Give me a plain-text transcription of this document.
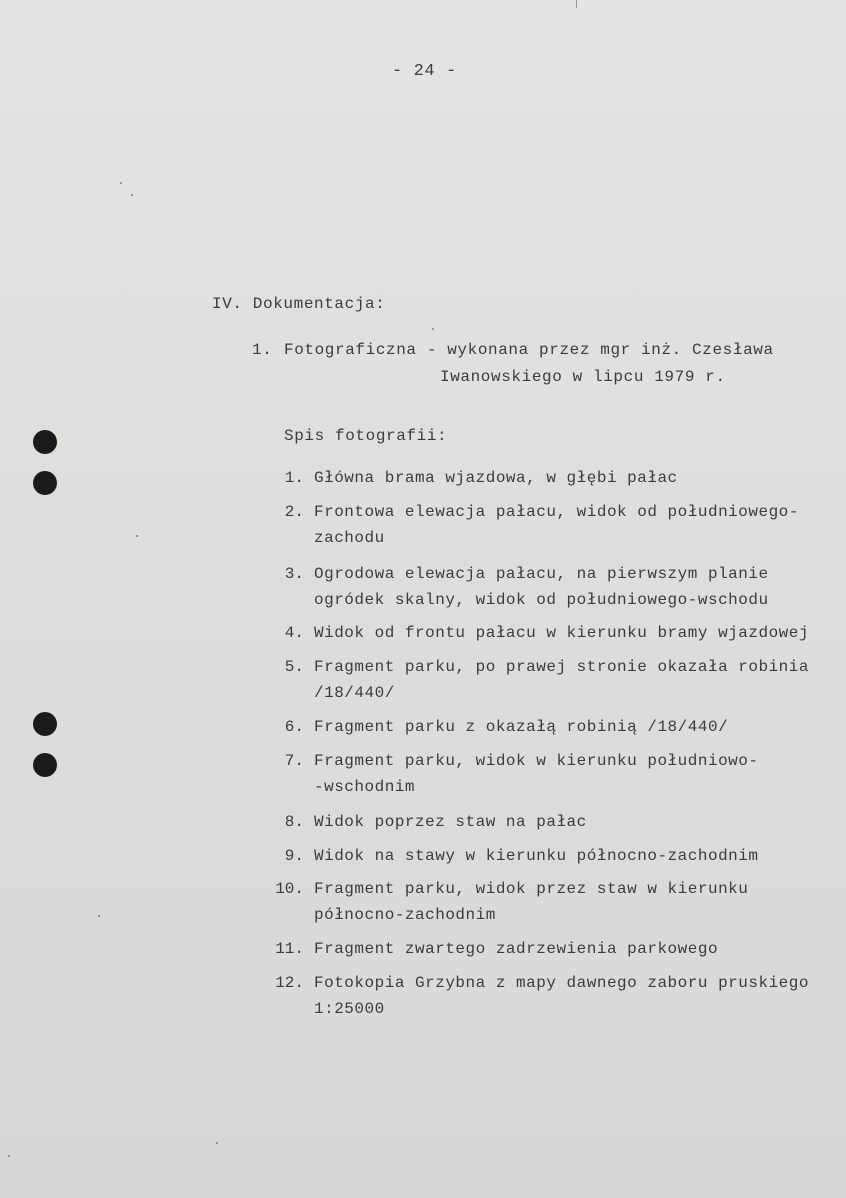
- 24 -
IV. Dokumentacja:
1. Fotograficzna - wykonana przez mgr inż. Czesława
Iwanowskiego w lipcu 1979 r.
Spis fotografii:
1. Główna brama wjazdowa, w głębi pałac
2. Frontowa elewacja pałacu, widok od południowego-
zachodu
3. Ogrodowa elewacja pałacu, na pierwszym planie
ogródek skalny, widok od południowego-wschodu
4. Widok od frontu pałacu w kierunku bramy wjazdowej
5. Fragment parku, po prawej stronie okazała robinia
/18/440/
6. Fragment parku z okazałą robinią /18/440/
7. Fragment parku, widok w kierunku południowo-
-wschodnim
8. Widok poprzez staw na pałac
9. Widok na stawy w kierunku północno-zachodnim
10. Fragment parku, widok przez staw w kierunku
północno-zachodnim
11. Fragment zwartego zadrzewienia parkowego
12. Fotokopia Grzybna z mapy dawnego zaboru pruskiego
1:25000
